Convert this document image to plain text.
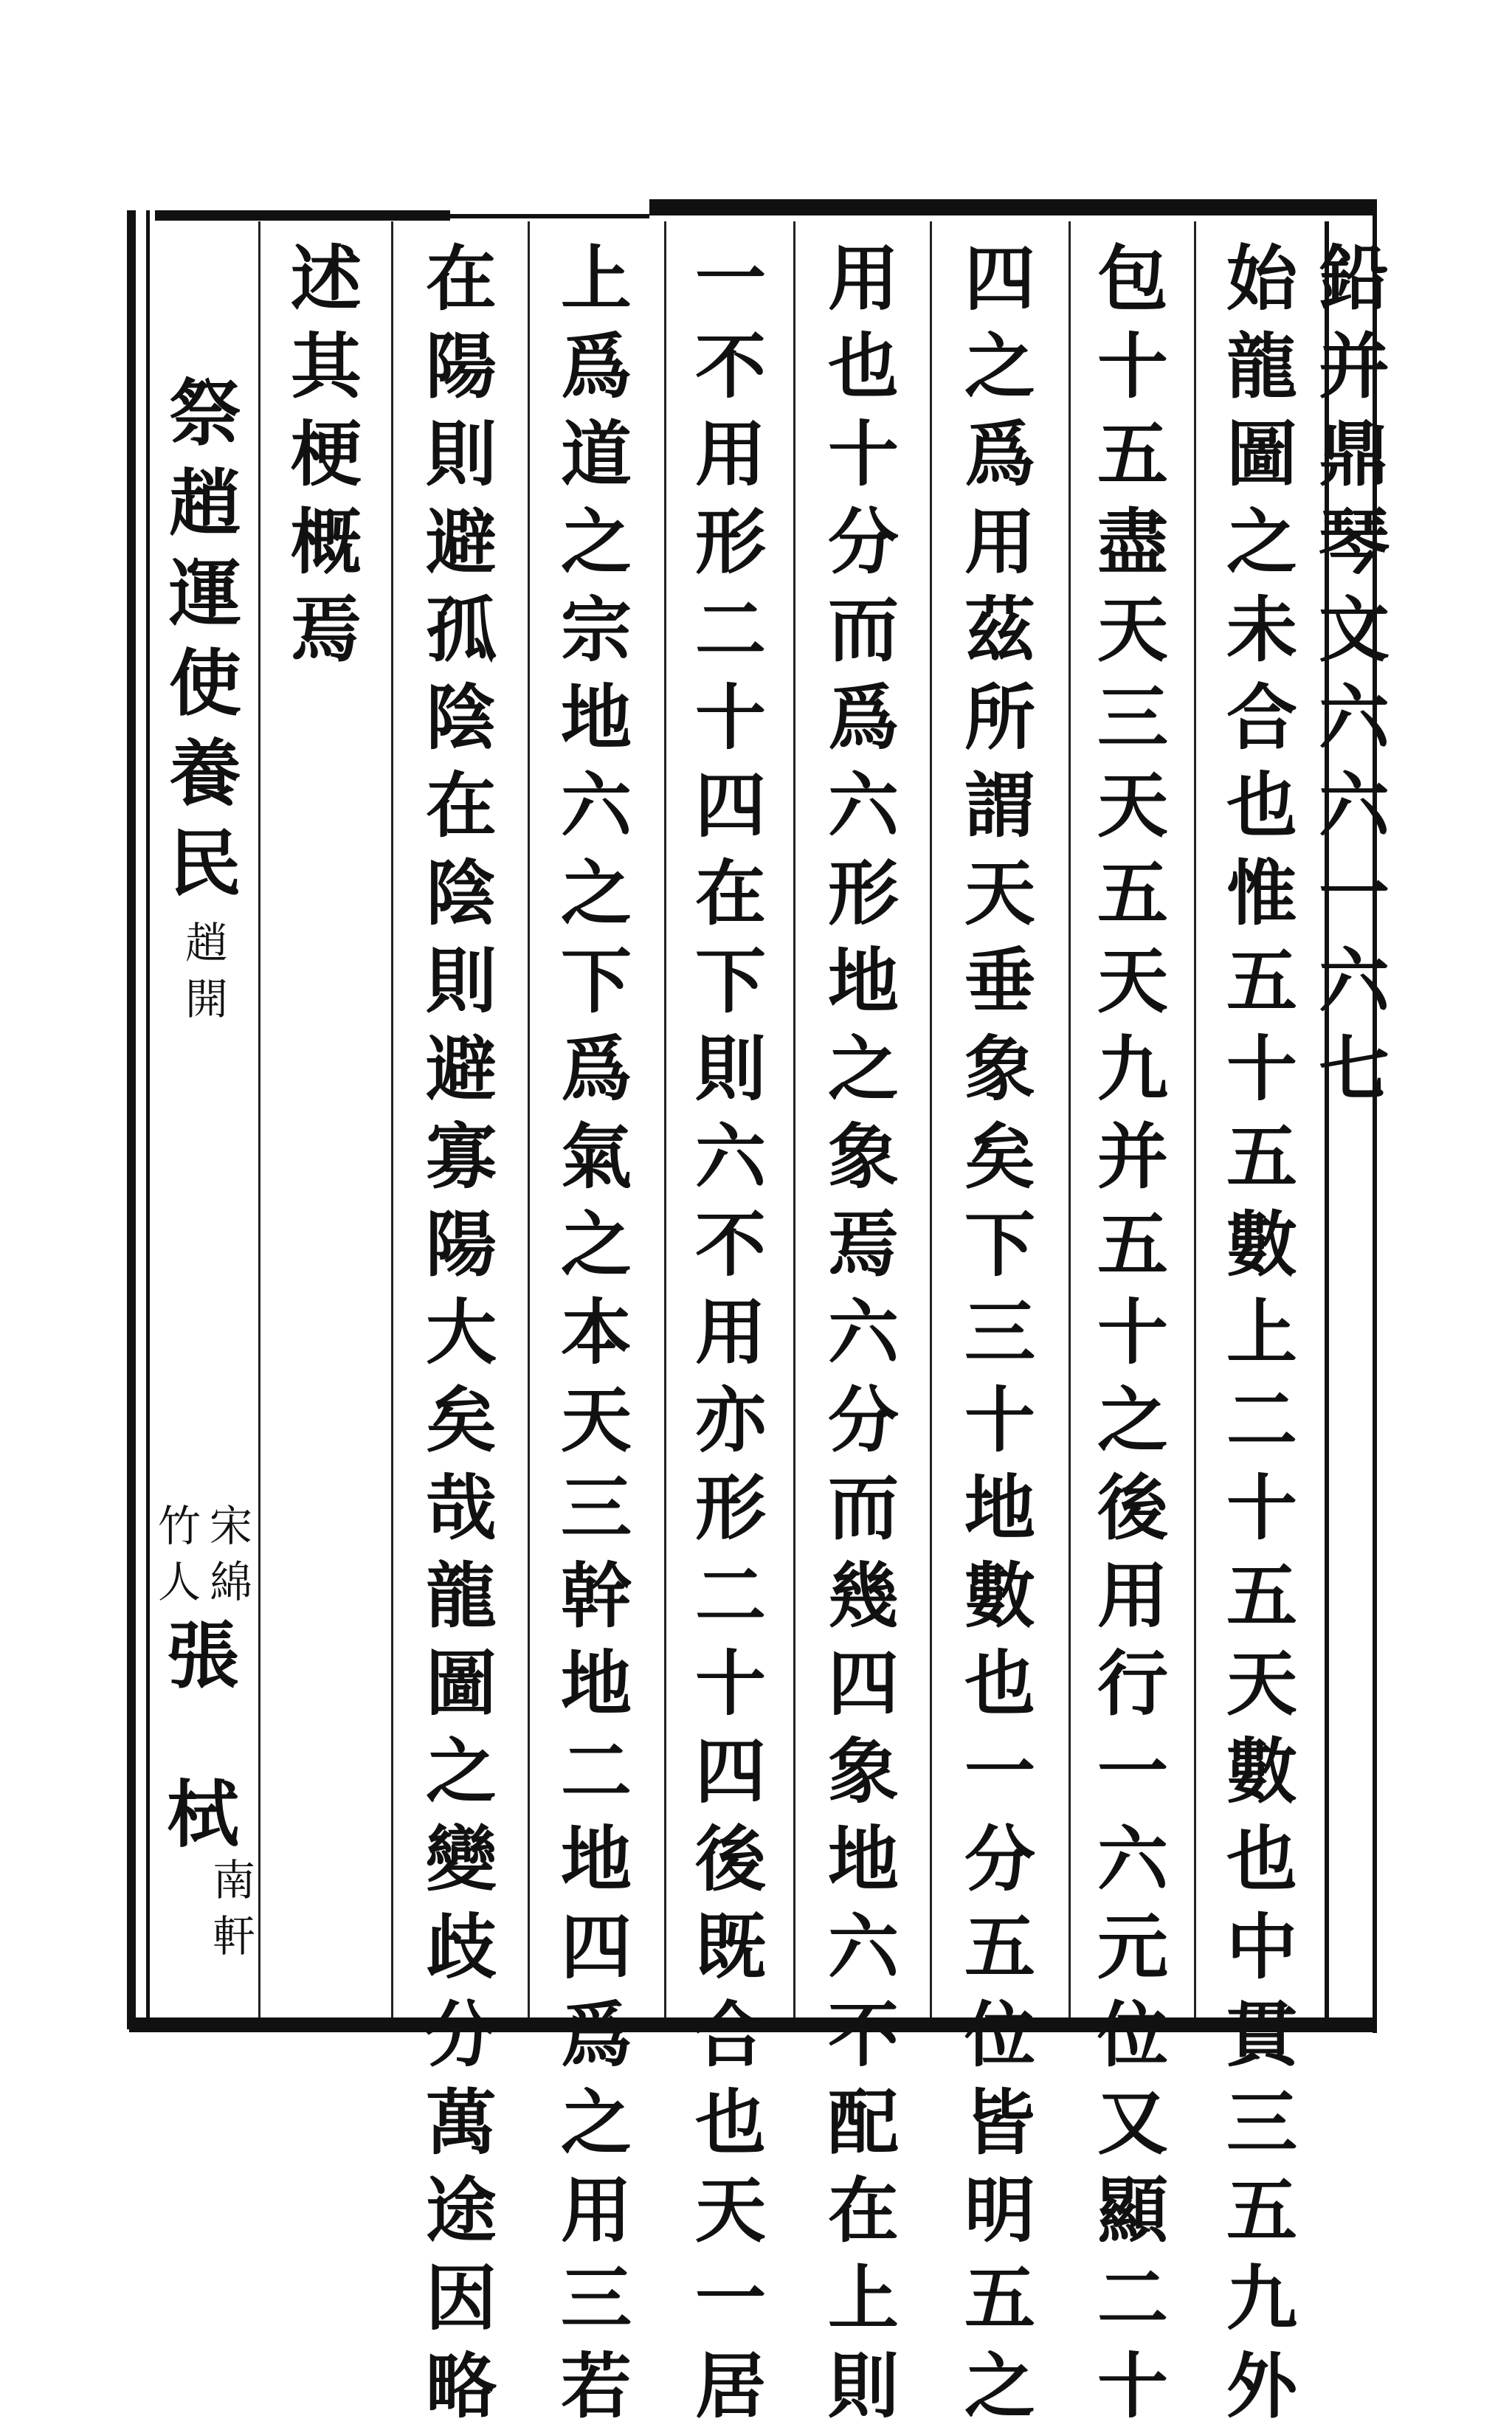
鉛
并
鼎
琴
文
六
六
一
六
七
始
龍
圖
之
未
合
也
惟
五
十
五
數
上
二
十
五
天
數
也
中
貫
三
五
九
外
包
十
五
盡
天
三
天
五
天
九
并
五
十
之
後
用
行
一
六
元
位
又
顯
二
十
四
之
爲
用
茲
所
謂
天
垂
象
矣
下
三
十
地
數
也
一
分
五
位
皆
明
五
之
用
也
十
分
而
爲
六
形
地
之
象
焉
六
分
而
幾
四
象
地
六
不
配
在
上
則
一
不
用
形
二
十
四
在
下
則
六
不
用
亦
形
二
十
四
後
既
合
也
天
一
居
上
爲
道
之
宗
地
六
之
下
爲
氣
之
本
天
三
幹
地
二
地
四
爲
之
用
三
若
在
陽
則
避
孤
陰
在
陰
則
避
寡
陽
大
矣
哉
龍
圖
之
變
歧
分
萬
途
因
略
述
其
梗
概
焉
祭
趙
運
使
養
民
趙
開
宋
綿
竹
人
張
栻
南
軒
